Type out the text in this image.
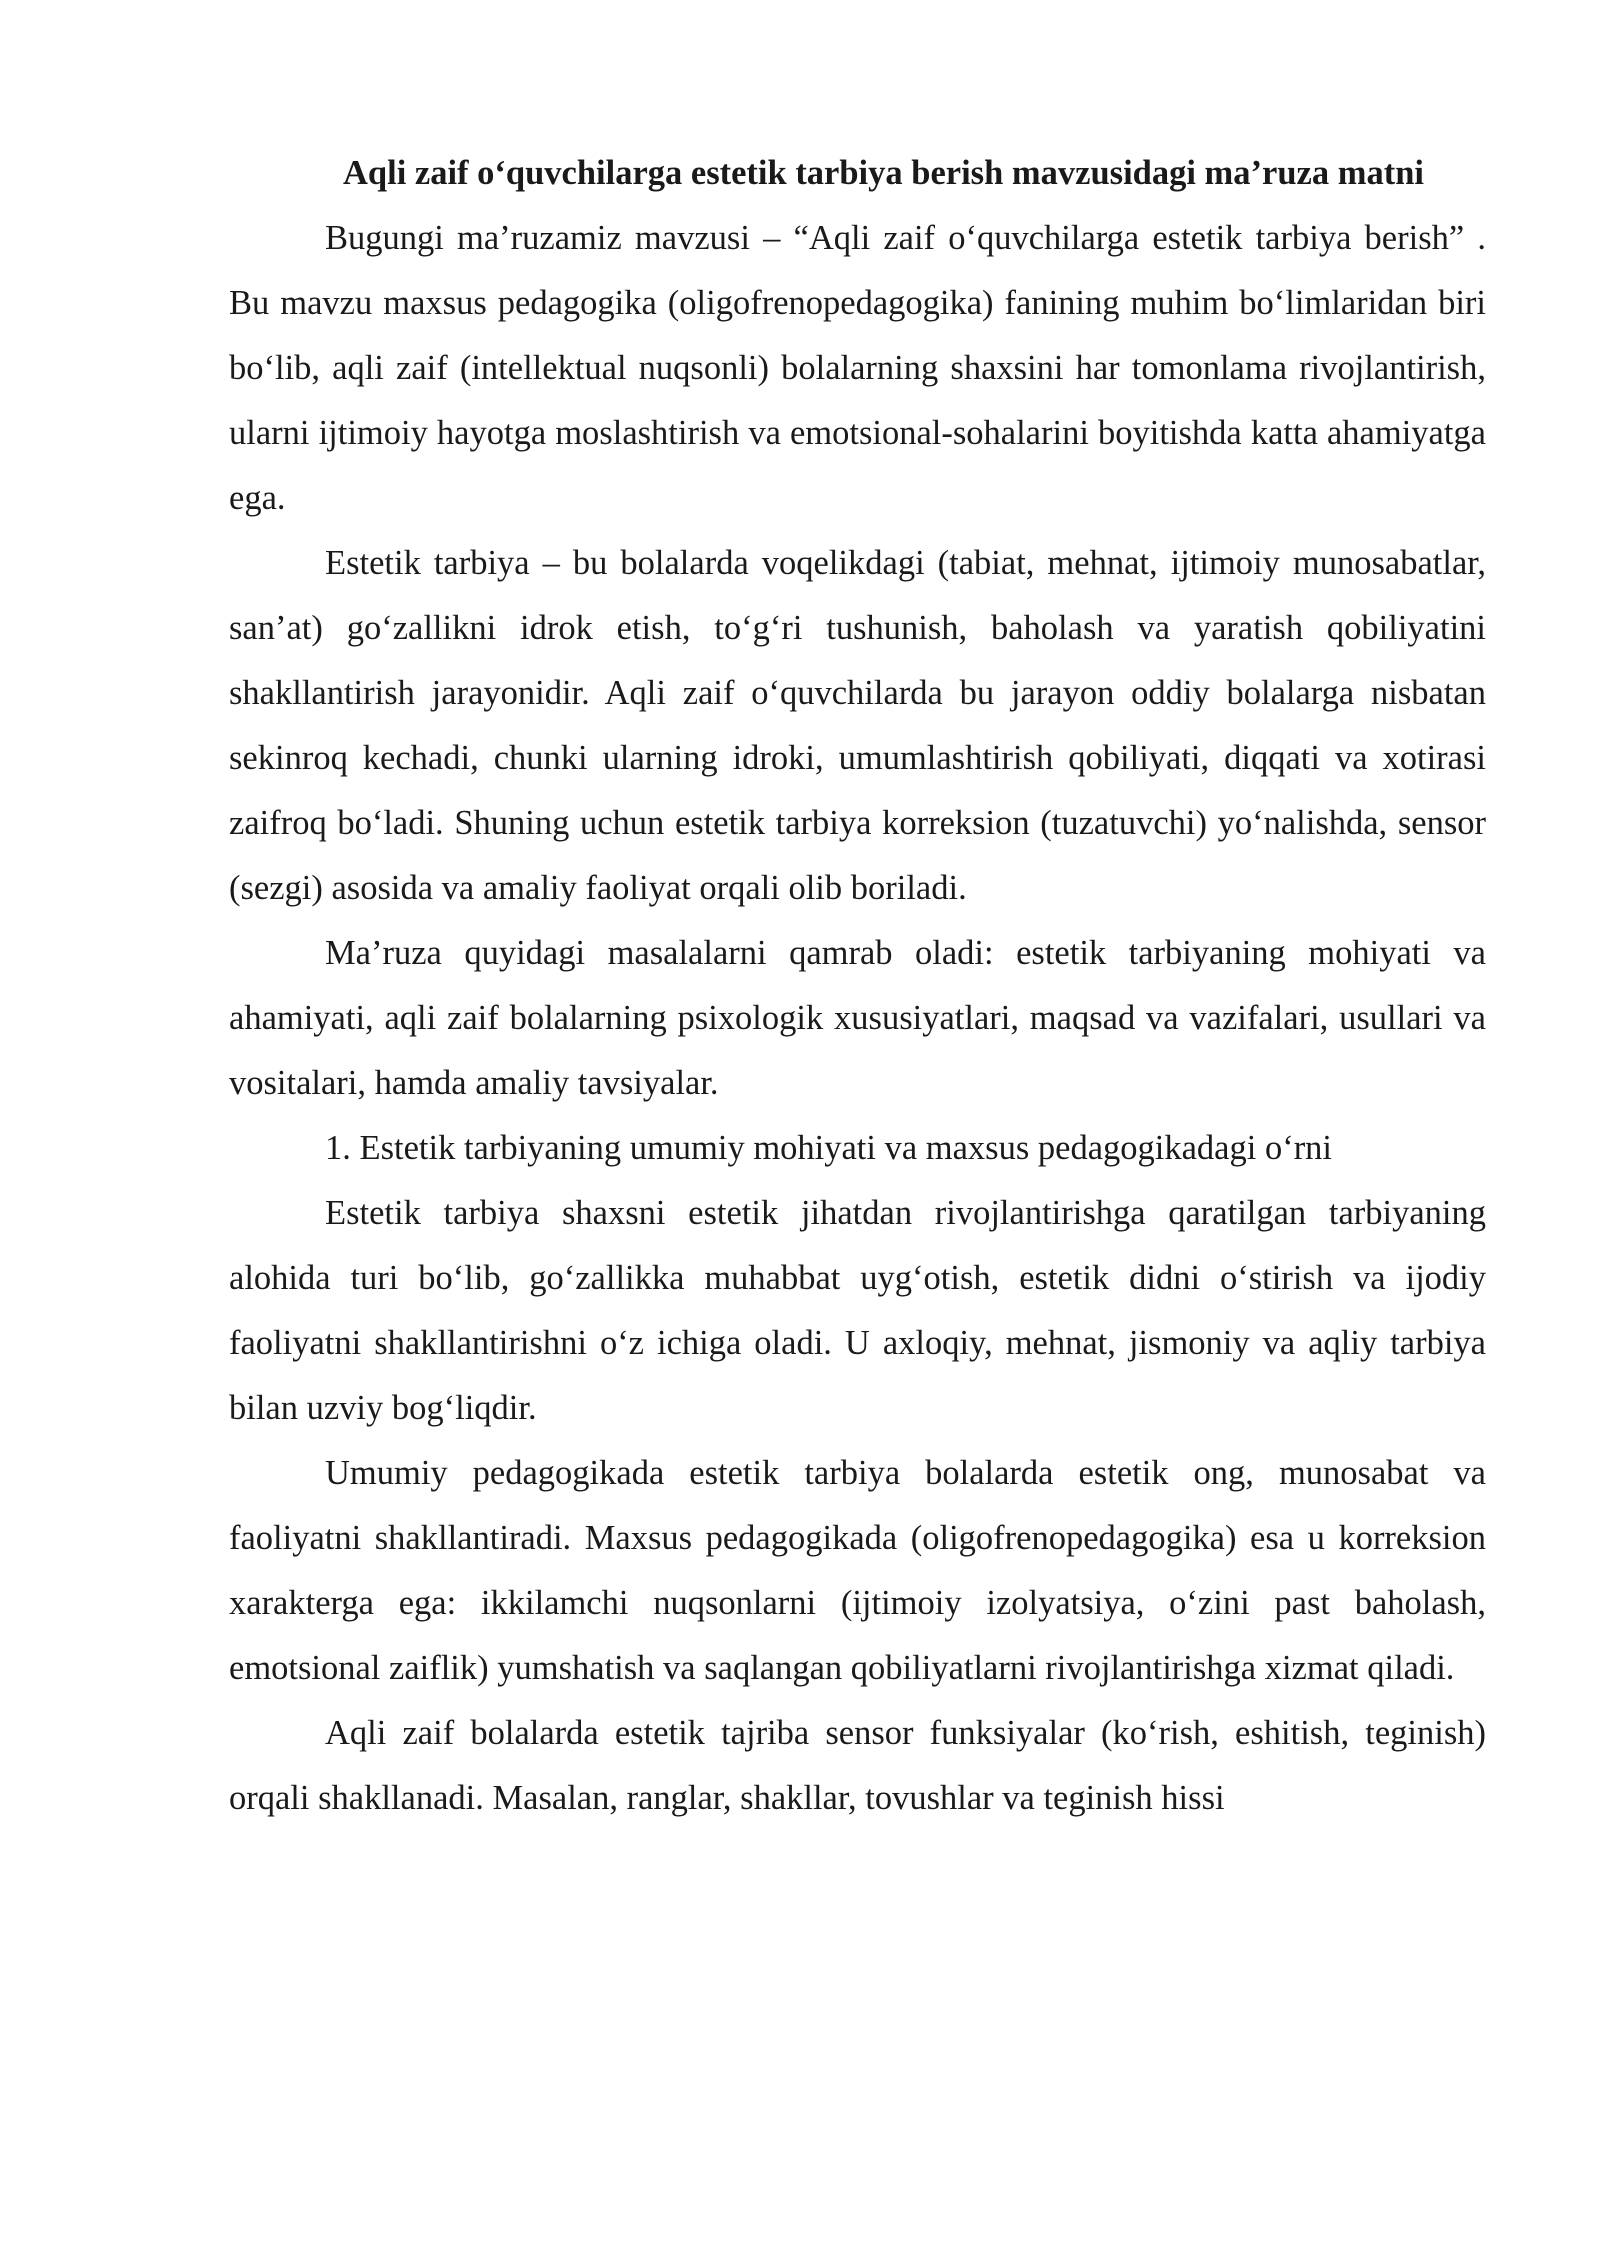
Aqli zaif o‘quvchilarga estetik tarbiya berish mavzusidagi ma’ruza matni

Bugungi ma’ruzamiz mavzusi – “Aqli zaif o‘quvchilarga estetik tarbiya berish” . Bu mavzu maxsus pedagogika (oligofrenopedagogika) fanining muhim bo‘limlaridan biri bo‘lib, aqli zaif (intellektual nuqsonli) bolalarning shaxsini har tomonlama rivojlantirish, ularni ijtimoiy hayotga moslashtirish va emotsional-sohalarini boyitishda katta ahamiyatga ega.

Estetik tarbiya – bu bolalarda voqelikdagi (tabiat, mehnat, ijtimoiy munosabatlar, san’at) go‘zallikni idrok etish, to‘g‘ri tushunish, baholash va yaratish qobiliyatini shakllantirish jarayonidir. Aqli zaif o‘quvchilarda bu jarayon oddiy bolalarga nisbatan sekinroq kechadi, chunki ularning idroki, umumlashtirish qobiliyati, diqqati va xotirasi zaifroq bo‘ladi. Shuning uchun estetik tarbiya korreksion (tuzatuvchi) yo‘nalishda, sensor (sezgi) asosida va amaliy faoliyat orqali olib boriladi.

Ma’ruza quyidagi masalalarni qamrab oladi: estetik tarbiyaning mohiyati va ahamiyati, aqli zaif bolalarning psixologik xususiyatlari, maqsad va vazifalari, usullari va vositalari, hamda amaliy tavsiyalar.

1. Estetik tarbiyaning umumiy mohiyati va maxsus pedagogikadagi o‘rni

Estetik tarbiya shaxsni estetik jihatdan rivojlantirishga qaratilgan tarbiyaning alohida turi bo‘lib, go‘zallikka muhabbat uyg‘otish, estetik didni o‘stirish va ijodiy faoliyatni shakllantirishni o‘z ichiga oladi. U axloqiy, mehnat, jismoniy va aqliy tarbiya bilan uzviy bog‘liqdir.

Umumiy pedagogikada estetik tarbiya bolalarda estetik ong, munosabat va faoliyatni shakllantiradi. Maxsus pedagogikada (oligofrenopedagogika) esa u korreksion xarakterga ega: ikkilamchi nuqsonlarni (ijtimoiy izolyatsiya, o‘zini past baholash, emotsional zaiflik) yumshatish va saqlangan qobiliyatlarni rivojlantirishga xizmat qiladi.

Aqli zaif bolalarda estetik tajriba sensor funksiyalar (ko‘rish, eshitish, teginish) orqali shakllanadi. Masalan, ranglar, shakllar, tovushlar va teginish hissi
